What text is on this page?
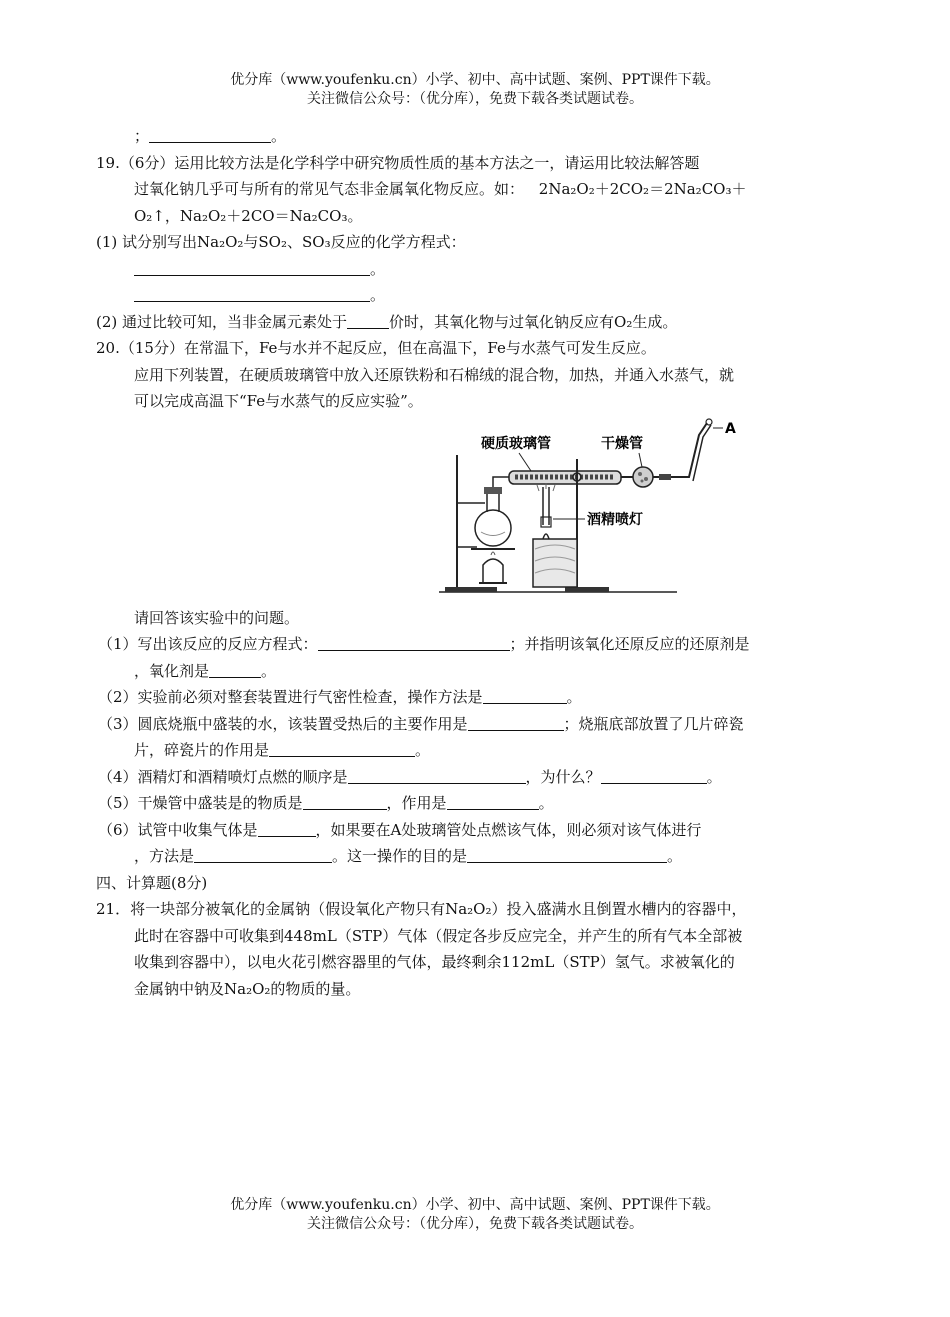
优分库（www.youfenku.cn）小学、初中、高中试题、案例、PPT课件下载。
关注微信公众号：（优分库），免费下载各类试题试卷。
；	。
19.（6分）运用比较方法是化学科学中研究物质性质的基本方法之一，请运用比较法解答题
过氧化钠几乎可与所有的常见气态非金属氧化物反应。如： 2Na₂O₂＋2CO₂＝2Na₂CO₃＋
O₂↑，Na₂O₂＋2CO＝Na₂CO₃。
(1) 试分别写出Na₂O₂与SO₂、SO₃反应的化学方程式：
。
。
(2) 通过比较可知，当非金属元素处于	价时，其氧化物与过氧化钠反应有O₂生成。
20.（15分）在常温下，Fe与水并不起反应，但在高温下，Fe与水蒸气可发生反应。
应用下列装置，在硬质玻璃管中放入还原铁粉和石棉绒的混合物，加热，并通入水蒸气，就
可以完成高温下“Fe与水蒸气的反应实验”。
硬质玻璃管	干燥管
A
酒精喷灯
请回答该实验中的问题。
（1）写出该反应的反应方程式：	；并指明该氧化还原反应的还原剂是
，氧化剂是	。
（2）实验前必须对整套装置进行气密性检查，操作方法是	。
（3）圆底烧瓶中盛装的水，该装置受热后的主要作用是	；烧瓶底部放置了几片碎瓷
片，碎瓷片的作用是	。
（4）酒精灯和酒精喷灯点燃的顺序是	，为什么？	。
（5）干燥管中盛装是的物质是	，作用是	。
（6）试管中收集气体是	，如果要在A处玻璃管处点燃该气体，则必须对该气体进行
，方法是	。这一操作的目的是	。
四、计算题(8分)
21．将一块部分被氧化的金属钠（假设氧化产物只有Na₂O₂）投入盛满水且倒置水槽内的容器中，
此时在容器中可收集到448mL（STP）气体（假定各步反应完全，并产生的所有气本全部被
收集到容器中），以电火花引燃容器里的气体，最终剩余112mL（STP）氢气。求被氧化的
金属钠中钠及Na₂O₂的物质的量。
优分库（www.youfenku.cn）小学、初中、高中试题、案例、PPT课件下载。
关注微信公众号：（优分库），免费下载各类试题试卷。
